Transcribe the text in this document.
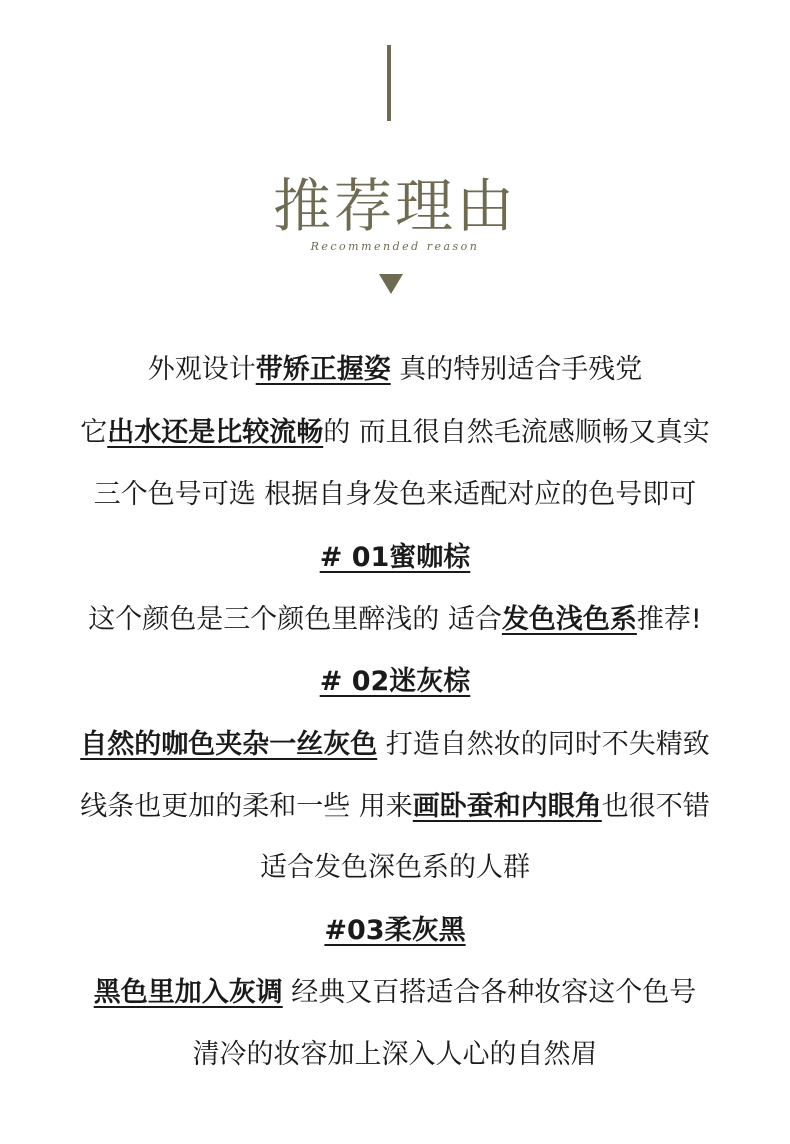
推荐理由
Recommended reason
外观设计带矫正握姿 真的特别适合手残党
它出水还是比较流畅的 而且很自然毛流感顺畅又真实
三个色号可选 根据自身发色来适配对应的色号即可
# 01蜜咖棕
这个颜色是三个颜色里醉浅的 适合发色浅色系推荐!
# 02迷灰棕
自然的咖色夹杂一丝灰色 打造自然妆的同时不失精致
线条也更加的柔和一些 用来画卧蚕和内眼角也很不错
适合发色深色系的人群
#03柔灰黑
黑色里加入灰调 经典又百搭适合各种妆容这个色号
清冷的妆容加上深入人心的自然眉
